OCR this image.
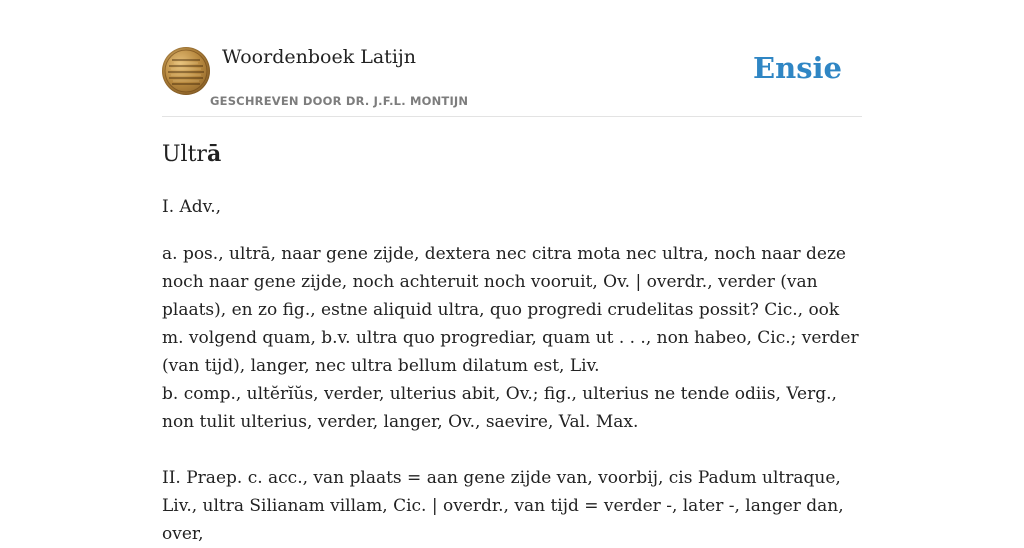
Woordenboek Latijn
GESCHREVEN DOOR DR. J.F.L. MONTIJN
Ensie
Ultrā

I. Adv.,

a. pos., ultrā, naar gene zijde, dextera nec citra mota nec ultra, noch naar deze noch naar gene zijde, noch achteruit noch vooruit, Ov. | overdr., verder (van plaats), en zo fig., estne aliquid ultra, quo progredi crudelitas possit? Cic., ook m. volgend quam, b.v. ultra quo progrediar, quam ut . . ., non habeo, Cic.; verder (van tijd), langer, nec ultra bellum dilatum est, Liv.

b. comp., ultĕrĭŭs, verder, ulterius abit, Ov.; fig., ulterius ne tende odiis, Verg., non tulit ulterius, verder, langer, Ov., saevire, Val. Max.

II. Praep. c. acc., van plaats = aan gene zijde van, voorbij, cis Padum ultraque, Liv., ultra Silianam villam, Cic. | overdr., van tijd = verder -, later -, langer dan, over,
